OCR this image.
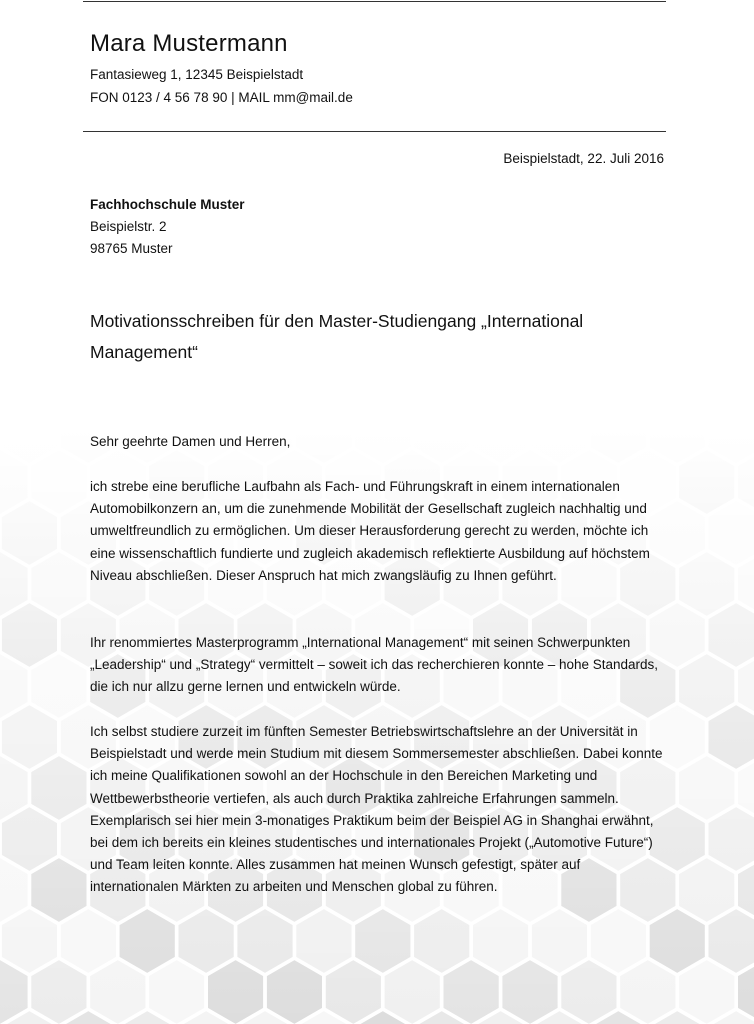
Mara Mustermann
Fantasieweg 1, 12345 Beispielstadt
FON 0123 / 4 56 78 90 | MAIL mm@mail.de
Beispielstadt, 22. Juli 2016
Fachhochschule Muster
Beispielstr. 2
98765 Muster
Motivationsschreiben für den Master-Studiengang „International Management“
Sehr geehrte Damen und Herren,
ich strebe eine berufliche Laufbahn als Fach- und Führungskraft in einem internationalen Automobilkonzern an, um die zunehmende Mobilität der Gesellschaft zugleich nachhaltig und umweltfreundlich zu ermöglichen. Um dieser Herausforderung gerecht zu werden, möchte ich eine wissenschaftlich fundierte und zugleich akademisch reflektierte Ausbildung auf höchstem Niveau abschließen. Dieser Anspruch hat mich zwangsläufig zu Ihnen geführt.
Ihr renommiertes Masterprogramm „International Management“ mit seinen Schwerpunkten „Leadership“ und „Strategy“ vermittelt – soweit ich das recherchieren konnte – hohe Standards, die ich nur allzu gerne lernen und entwickeln würde.
Ich selbst studiere zurzeit im fünften Semester Betriebswirtschaftslehre an der Universität in Beispielstadt und werde mein Studium mit diesem Sommersemester abschließen. Dabei konnte ich meine Qualifikationen sowohl an der Hochschule in den Bereichen Marketing und Wettbewerbstheorie vertiefen, als auch durch Praktika zahlreiche Erfahrungen sammeln. Exemplarisch sei hier mein 3-monatiges Praktikum beim der Beispiel AG in Shanghai erwähnt, bei dem ich bereits ein kleines studentisches und internationales Projekt („Automotive Future“) und Team leiten konnte. Alles zusammen hat meinen Wunsch gefestigt, später auf internationalen Märkten zu arbeiten und Menschen global zu führen.
